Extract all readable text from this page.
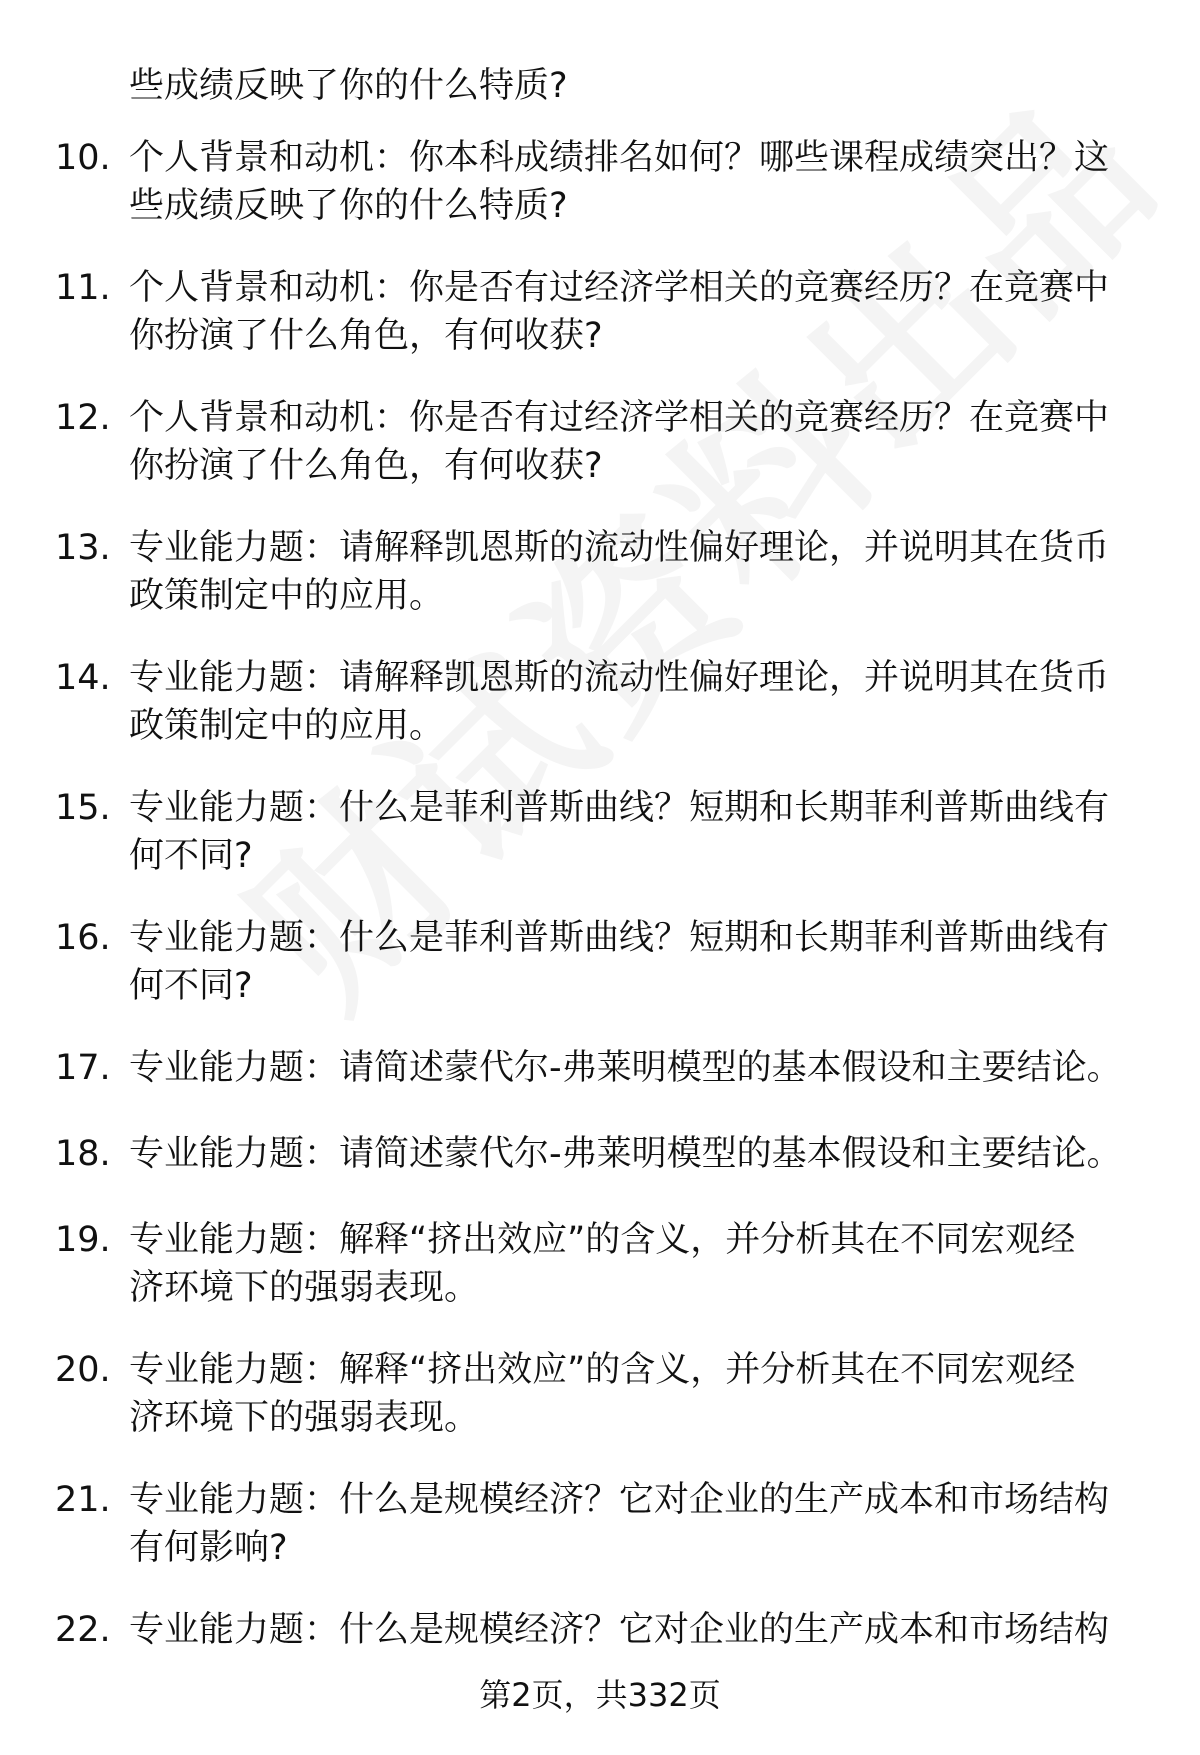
些成绩反映了你的什么特质?
10. 个人背景和动机：你本科成绩排名如何？哪些课程成绩突出？这
些成绩反映了你的什么特质?
11. 个人背景和动机：你是否有过经济学相关的竞赛经历？在竞赛中
你扮演了什么角色，有何收获?
12. 个人背景和动机：你是否有过经济学相关的竞赛经历？在竞赛中
你扮演了什么角色，有何收获?
13. 专业能力题：请解释凯恩斯的流动性偏好理论，并说明其在货币
政策制定中的应用。
14. 专业能力题：请解释凯恩斯的流动性偏好理论，并说明其在货币
政策制定中的应用。
15. 专业能力题：什么是菲利普斯曲线？短期和长期菲利普斯曲线有
何不同?
16. 专业能力题：什么是菲利普斯曲线？短期和长期菲利普斯曲线有
何不同?
17. 专业能力题：请简述蒙代尔-弗莱明模型的基本假设和主要结论。
18. 专业能力题：请简述蒙代尔-弗莱明模型的基本假设和主要结论。
19. 专业能力题：解释“挤出效应”的含义，并分析其在不同宏观经
济环境下的强弱表现。
20. 专业能力题：解释“挤出效应”的含义，并分析其在不同宏观经
济环境下的强弱表现。
21. 专业能力题：什么是规模经济？它对企业的生产成本和市场结构
有何影响?
22. 专业能力题：什么是规模经济？它对企业的生产成本和市场结构
第2页，共332页
